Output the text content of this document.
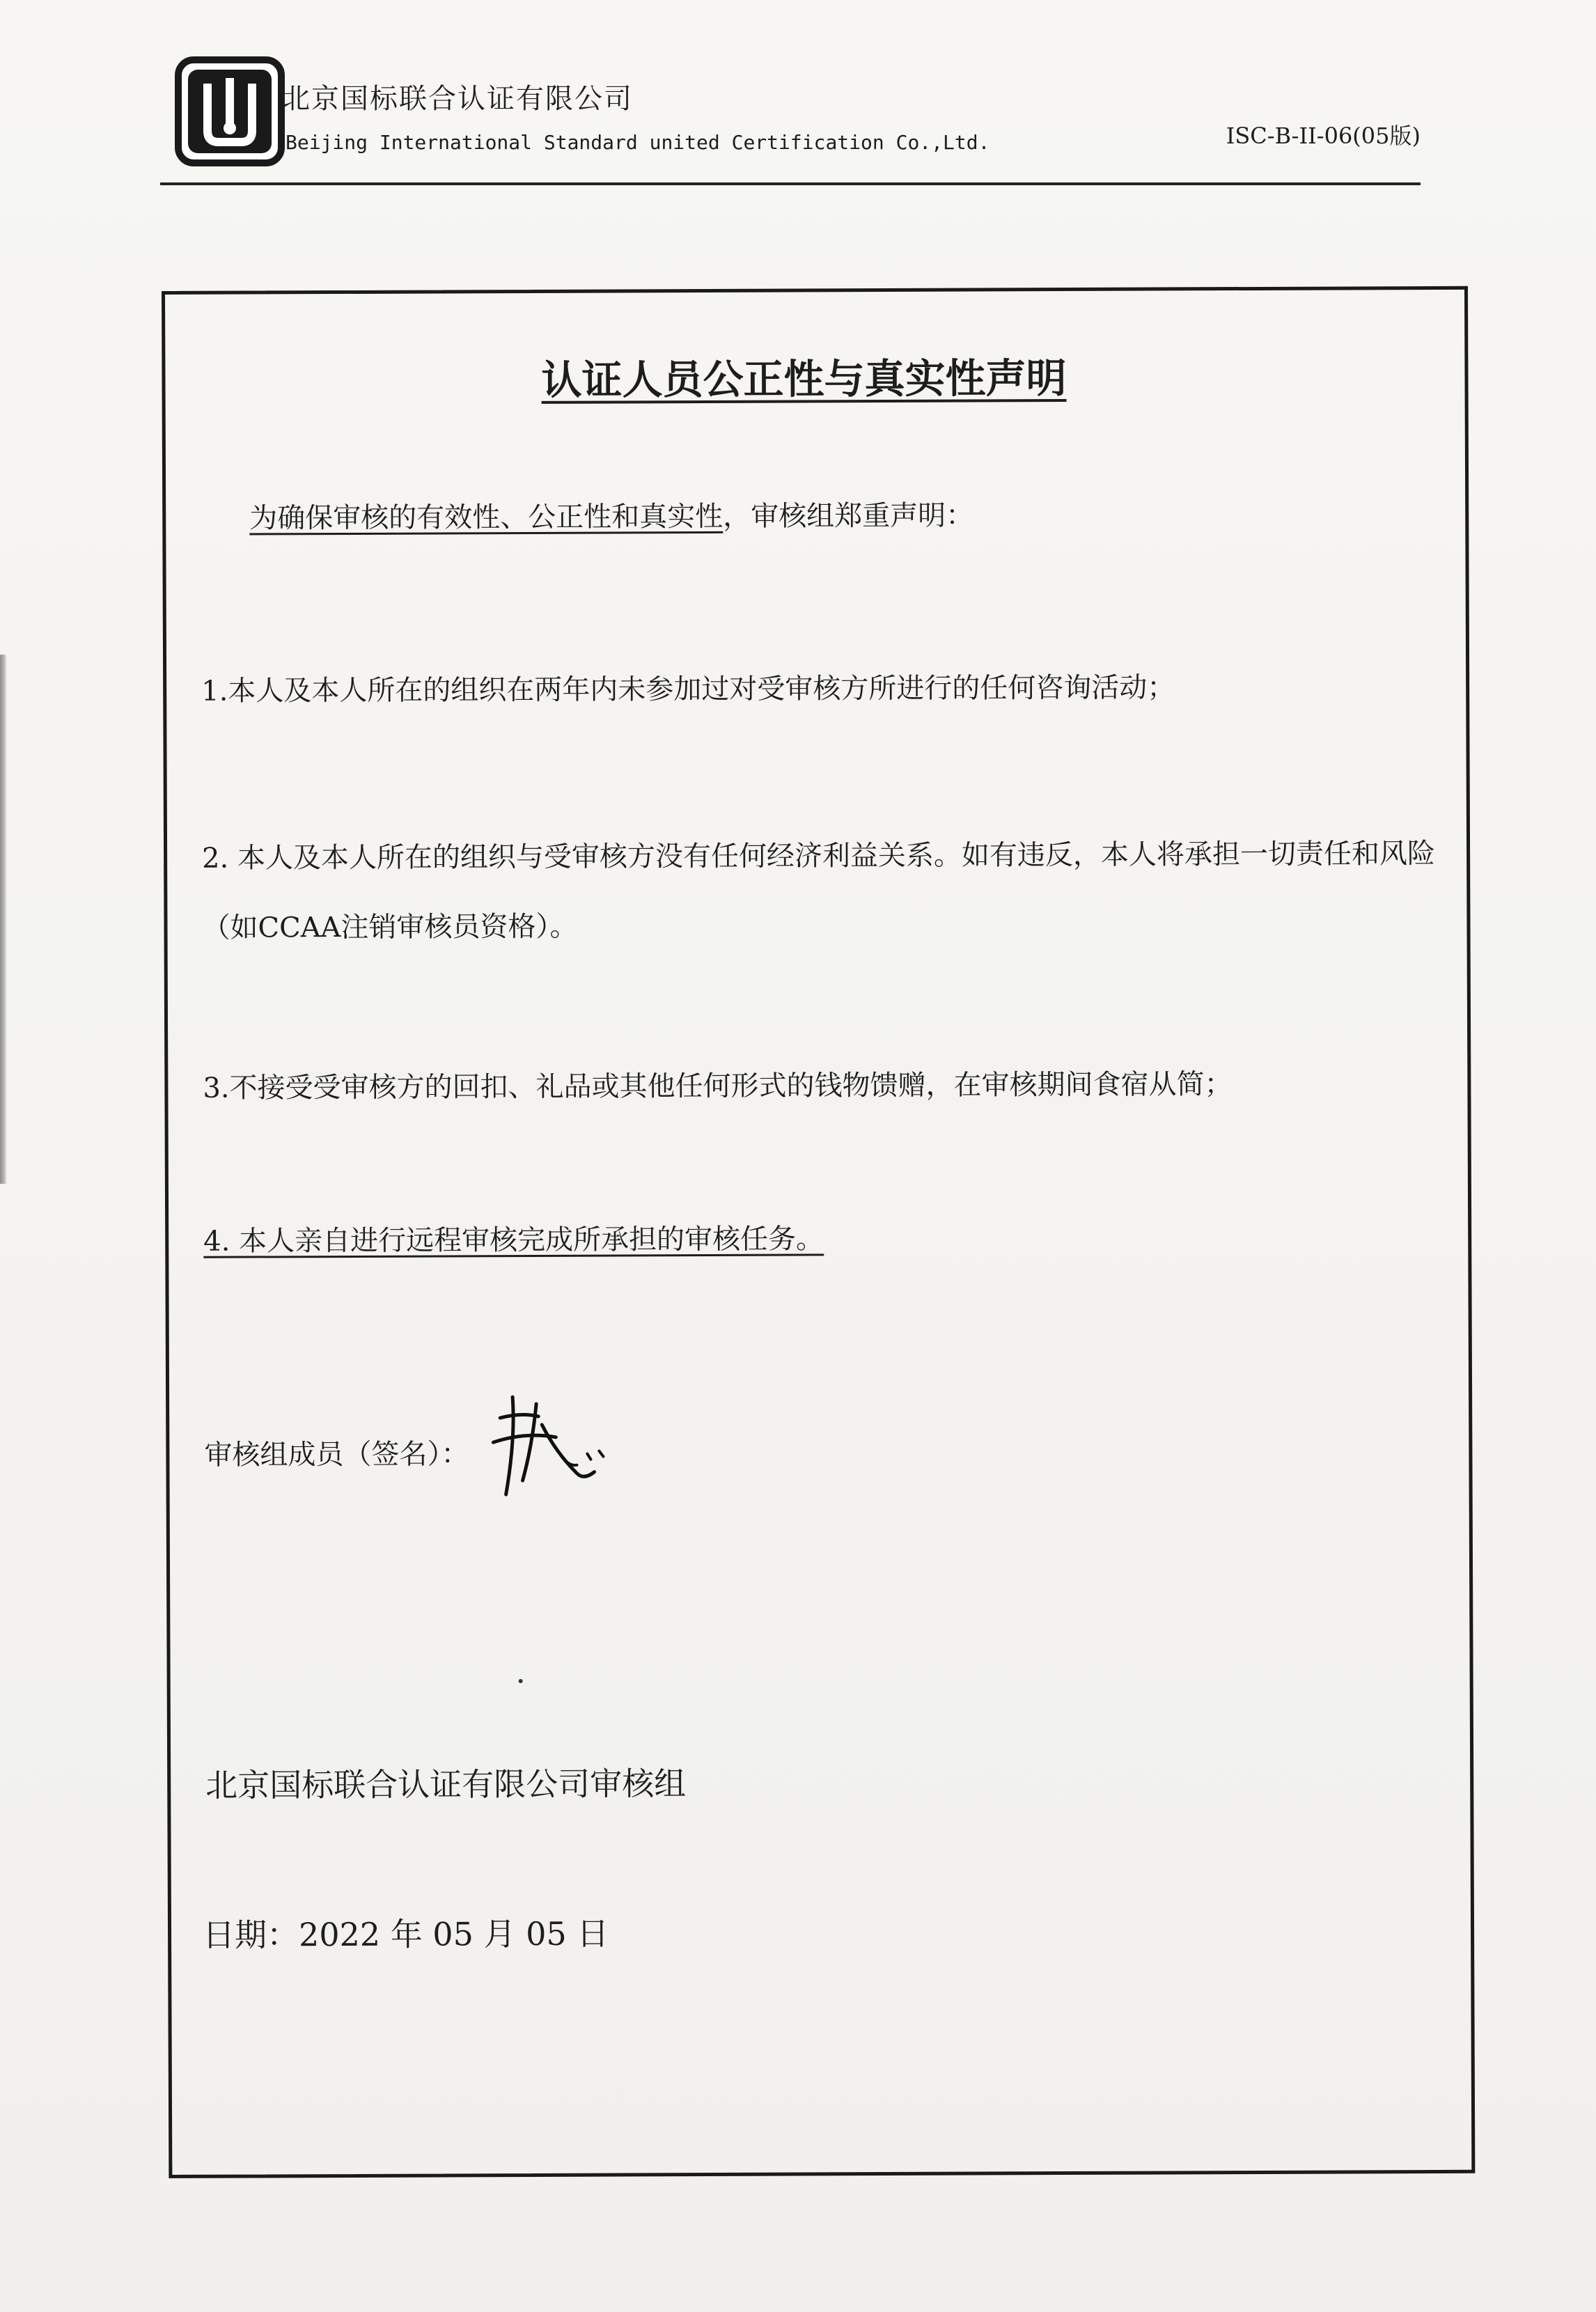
北京国标联合认证有限公司
Beijing International Standard united Certification Co.,Ltd.	ISC-B-II-06(05版)
认证人员公正性与真实性声明
为确保审核的有效性、公正性和真实性，审核组郑重声明：
1.本人及本人所在的组织在两年内未参加过对受审核方所进行的任何咨询活动；
2. 本人及本人所在的组织与受审核方没有任何经济利益关系。如有违反，本人将承担一切责任和风险（如CCAA注销审核员资格）。
3.不接受受审核方的回扣、礼品或其他任何形式的钱物馈赠，在审核期间食宿从简；
4. 本人亲自进行远程审核完成所承担的审核任务。
审核组成员（签名）：
北京国标联合认证有限公司审核组
日期：2022 年 05 月 05 日
